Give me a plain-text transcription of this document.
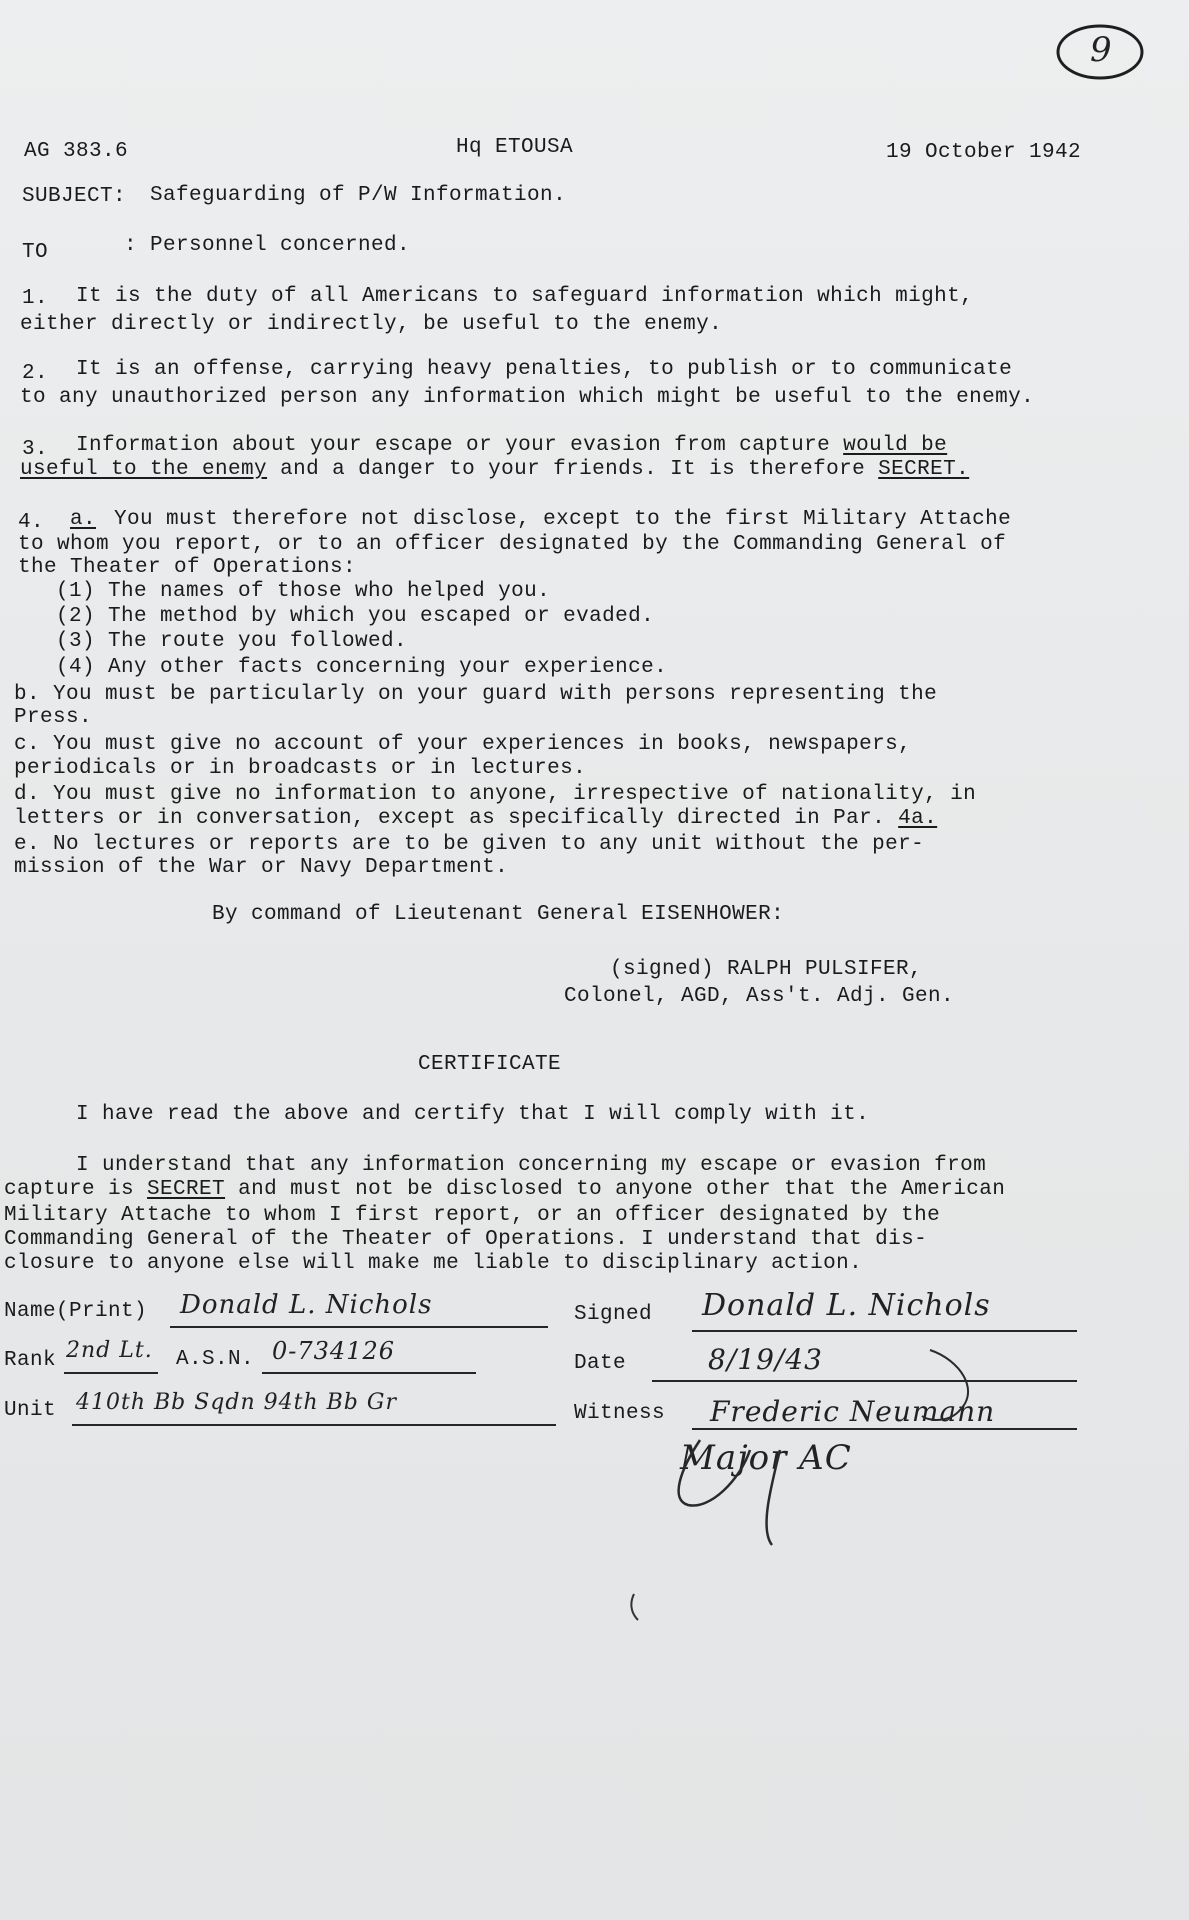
9
AG 383.6	Hq ETOUSA	19 October 1942
SUBJECT: Safeguarding of P/W Information.
TO	: Personnel concerned.
1. It is the duty of all Americans to safeguard information which might,
either directly or indirectly, be useful to the enemy.
2. It is an offense, carrying heavy penalties, to publish or to communicate
to any unauthorized person any information which might be useful to the enemy.
3. Information about your escape or your evasion from capture would be
useful to the enemy and a danger to your friends. It is therefore SECRET.
4. a. You must therefore not disclose, except to the first Military Attache
to whom you report, or to an officer designated by the Commanding General of
the Theater of Operations:
(1) The names of those who helped you.
(2) The method by which you escaped or evaded.
(3) The route you followed.
(4) Any other facts concerning your experience.
b. You must be particularly on your guard with persons representing the
Press.
c. You must give no account of your experiences in books, newspapers,
periodicals or in broadcasts or in lectures.
d. You must give no information to anyone, irrespective of nationality, in
letters or in conversation, except as specifically directed in Par. 4a.
e. No lectures or reports are to be given to any unit without the per-
mission of the War or Navy Department.
By command of Lieutenant General EISENHOWER:
(signed) RALPH PULSIFER,
Colonel, AGD, Ass't. Adj. Gen.
CERTIFICATE
I have read the above and certify that I will comply with it.
I understand that any information concerning my escape or evasion from
capture is SECRET and must not be disclosed to anyone other that the American
Military Attache to whom I first report, or an officer designated by the
Commanding General of the Theater of Operations. I understand that dis-
closure to anyone else will make me liable to disciplinary action.
Name(Print) Donald L. Nichols	Signed Donald L. Nichols
Rank 2nd Lt. A.S.N. 0-734126	Date	8/19/43
Unit 410th Bb Sqdn 94th Bb Gr	Witness Frederic Neumann
Major AC
